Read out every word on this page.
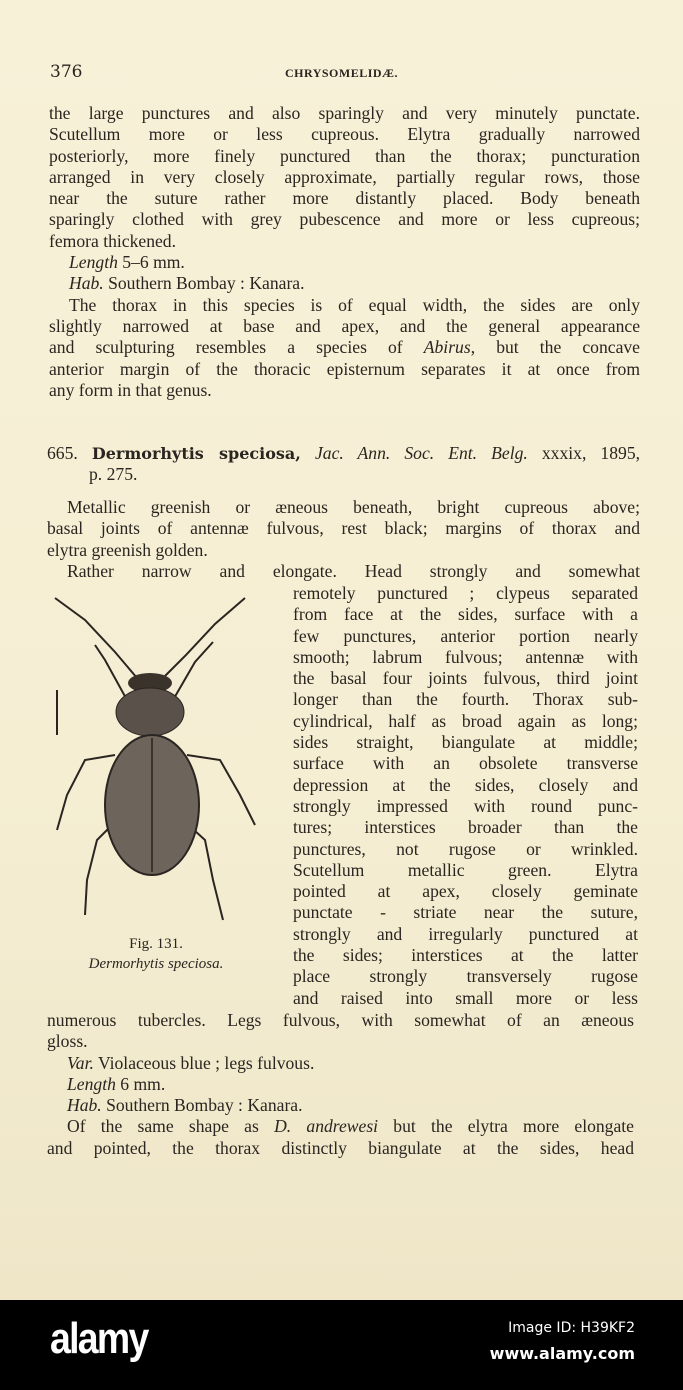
376	CHRYSOMELIDÆ.
the large punctures and also sparingly and very minutely punctate.
Scutellum more or less cupreous. Elytra gradually narrowed
posteriorly, more finely punctured than the thorax; puncturation
arranged in very closely approximate, partially regular rows, those
near the suture rather more distantly placed. Body beneath
sparingly clothed with grey pubescence and more or less cupreous;
femora thickened.
Length 5–6 mm.
Hab. Southern Bombay : Kanara.
The thorax in this species is of equal width, the sides are only
slightly narrowed at base and apex, and the general appearance
and sculpturing resembles a species of Abirus, but the concave
anterior margin of the thoracic episternum separates it at once from
any form in that genus.
665. Dermorhytis speciosa, Jac. Ann. Soc. Ent. Belg. xxxix, 1895,
p. 275.
Metallic greenish or æneous beneath, bright cupreous above;
basal joints of antennæ fulvous, rest black; margins of thorax and
elytra greenish golden.
Rather narrow and elongate. Head strongly and somewhat
remotely punctured ; clypeus separated
from face at the sides, surface with a
few punctures, anterior portion nearly
smooth; labrum fulvous; antennæ with
the basal four joints fulvous, third joint
longer than the fourth. Thorax sub-
cylindrical, half as broad again as long;
sides straight, biangulate at middle;
surface with an obsolete transverse
depression at the sides, closely and
strongly impressed with round punc-
tures; interstices broader than the
punctures, not rugose or wrinkled.
Scutellum metallic green. Elytra
pointed at apex, closely geminate
punctate - striate near the suture,
strongly and irregularly punctured at
the sides; interstices at the latter
place strongly transversely rugose
and raised into small more or less
numerous tubercles. Legs fulvous, with somewhat of an æneous
gloss.
Var. Violaceous blue ; legs fulvous.
Length 6 mm.
Hab. Southern Bombay : Kanara.
Of the same shape as D. andrewesi but the elytra more elongate
and pointed, the thorax distinctly biangulate at the sides, head
Fig. 131.
Dermorhytis speciosa.
alamy	Image ID: H39KF2
www.alamy.com
